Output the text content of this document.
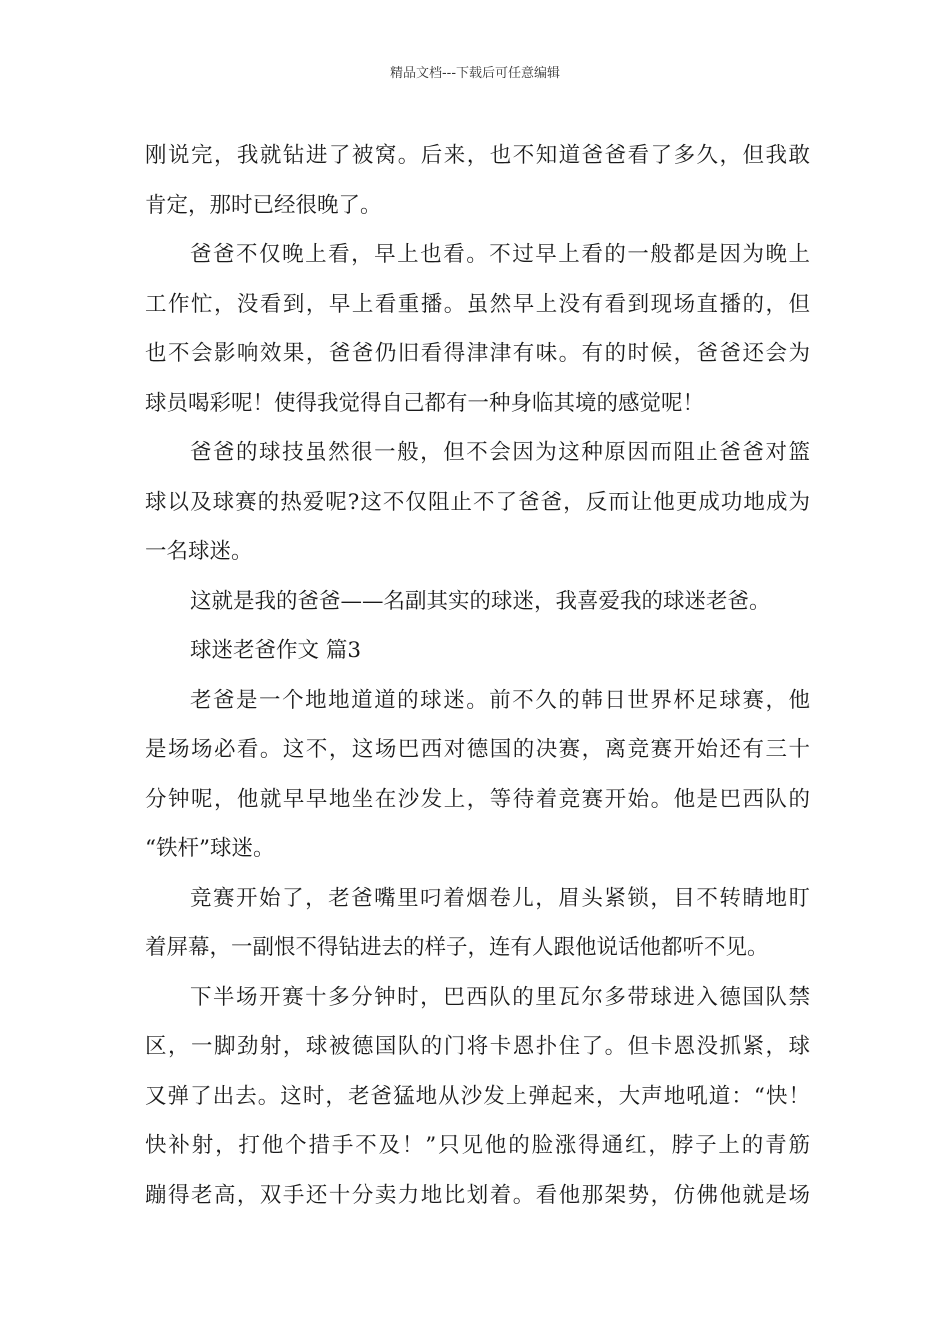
精品文档---下载后可任意编辑
刚说完，我就钻进了被窝。后来，也不知道爸爸看了多久，但我敢
肯定，那时已经很晚了。
爸爸不仅晚上看，早上也看。不过早上看的一般都是因为晚上
工作忙，没看到，早上看重播。虽然早上没有看到现场直播的，但
也不会影响效果，爸爸仍旧看得津津有味。有的时候，爸爸还会为
球员喝彩呢！使得我觉得自己都有一种身临其境的感觉呢！
爸爸的球技虽然很一般，但不会因为这种原因而阻止爸爸对篮
球以及球赛的热爱呢?这不仅阻止不了爸爸，反而让他更成功地成为
一名球迷。
这就是我的爸爸——名副其实的球迷，我喜爱我的球迷老爸。
球迷老爸作文 篇3
老爸是一个地地道道的球迷。前不久的韩日世界杯足球赛，他
是场场必看。这不，这场巴西对德国的决赛，离竞赛开始还有三十
分钟呢，他就早早地坐在沙发上，等待着竞赛开始。他是巴西队的
“铁杆”球迷。
竞赛开始了，老爸嘴里叼着烟卷儿，眉头紧锁，目不转睛地盯
着屏幕，一副恨不得钻进去的样子，连有人跟他说话他都听不见。
下半场开赛十多分钟时，巴西队的里瓦尔多带球进入德国队禁
区，一脚劲射，球被德国队的门将卡恩扑住了。但卡恩没抓紧，球
又弹了出去。这时，老爸猛地从沙发上弹起来，大声地吼道：“快！
快补射，打他个措手不及！”只见他的脸涨得通红，脖子上的青筋
蹦得老高，双手还十分卖力地比划着。看他那架势，仿佛他就是场
